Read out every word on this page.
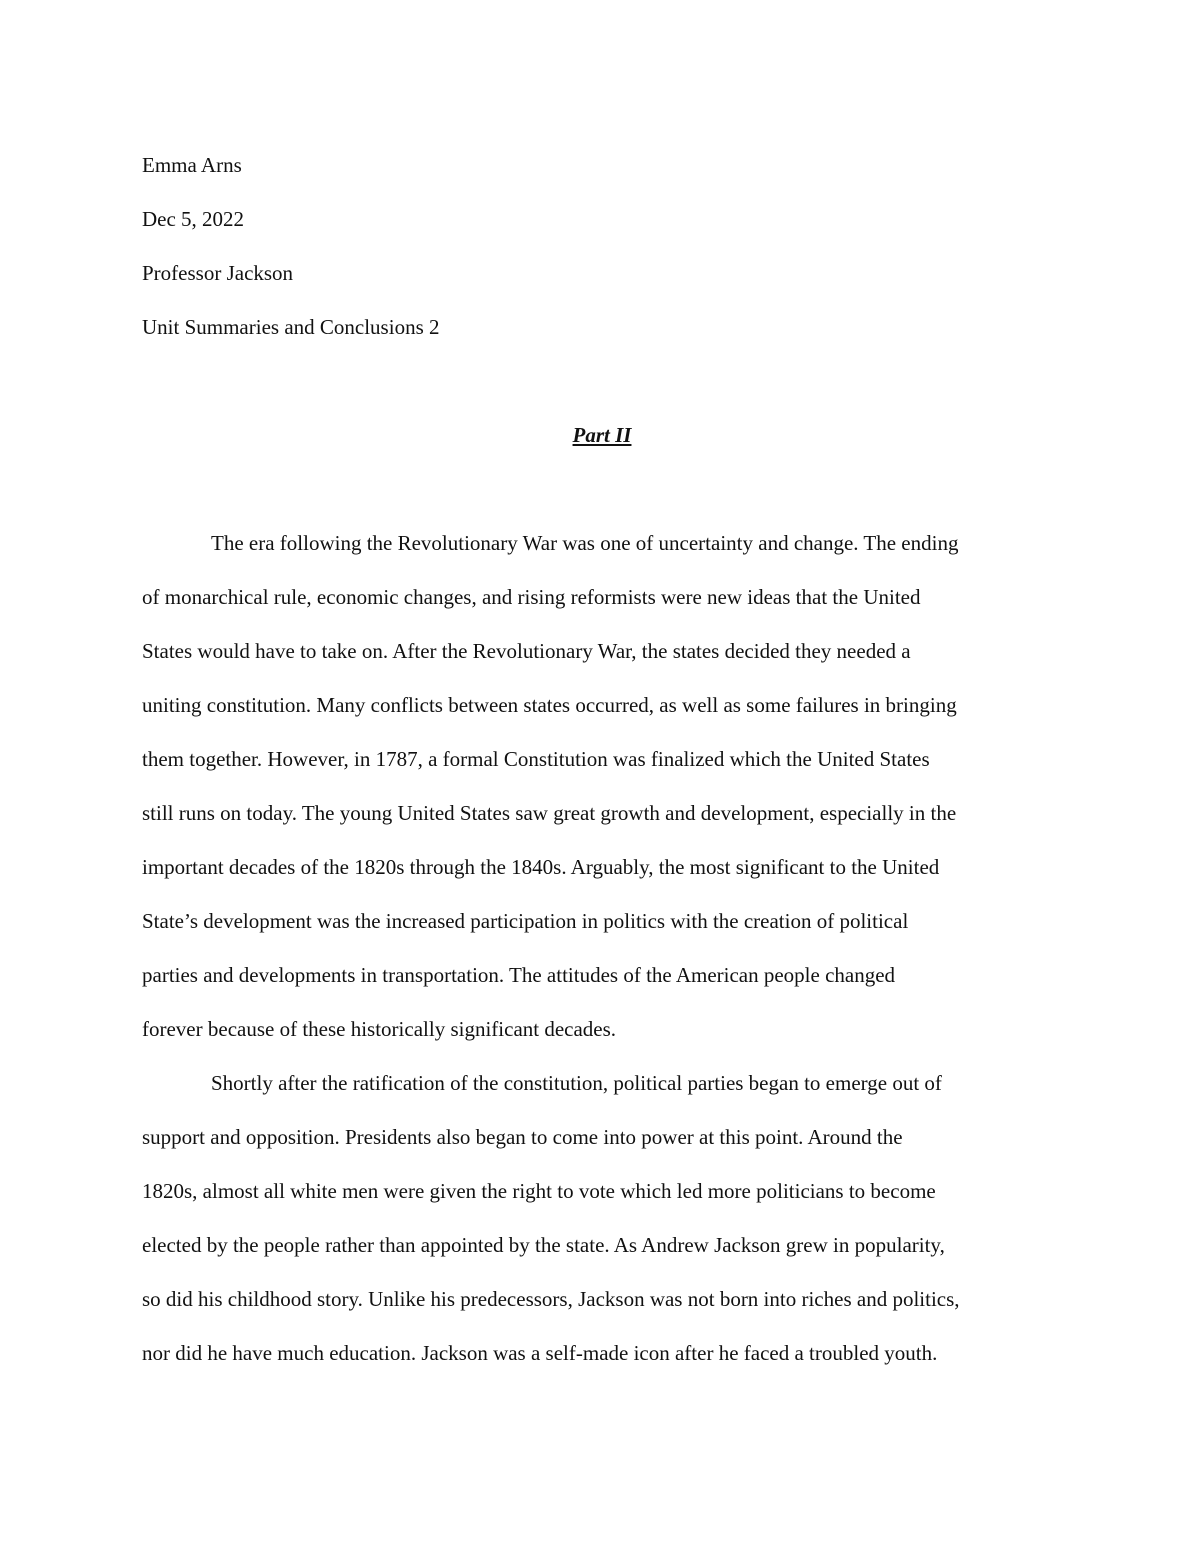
Emma Arns

Dec 5, 2022

Professor Jackson

Unit Summaries and Conclusions 2

Part II

The era following the Revolutionary War was one of uncertainty and change. The ending
of monarchical rule, economic changes, and rising reformists were new ideas that the United
States would have to take on. After the Revolutionary War, the states decided they needed a
uniting constitution. Many conflicts between states occurred, as well as some failures in bringing
them together. However, in 1787, a formal Constitution was finalized which the United States
still runs on today. The young United States saw great growth and development, especially in the
important decades of the 1820s through the 1840s. Arguably, the most significant to the United
State’s development was the increased participation in politics with the creation of political
parties and developments in transportation. The attitudes of the American people changed
forever because of these historically significant decades.

Shortly after the ratification of the constitution, political parties began to emerge out of
support and opposition. Presidents also began to come into power at this point. Around the
1820s, almost all white men were given the right to vote which led more politicians to become
elected by the people rather than appointed by the state. As Andrew Jackson grew in popularity,
so did his childhood story. Unlike his predecessors, Jackson was not born into riches and politics,
nor did he have much education. Jackson was a self-made icon after he faced a troubled youth.
